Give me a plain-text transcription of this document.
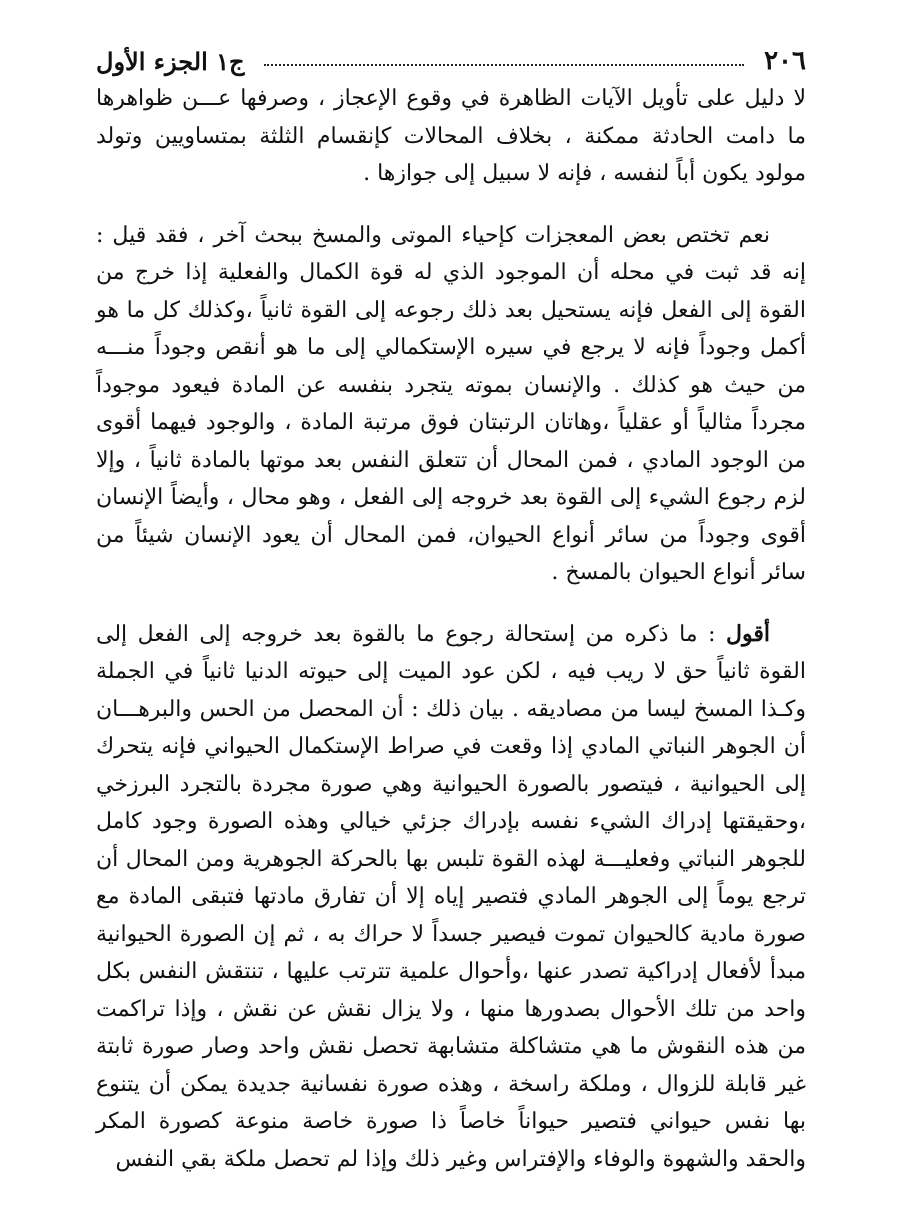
٢٠٦
ج١ الجزء الأول

لا دليل على تأويل الآيات الظاهرة في وقوع الإعجاز ، وصرفها عـــن ظواهرها ما دامت الحادثة ممكنة ، بخلاف المحالات كإنقسام الثلثة بمتساويين وتولد مولود يكون أباً لنفسه ، فإنه لا سبيل إلى جوازها .

نعم تختص بعض المعجزات كإحياء الموتى والمسخ ببحث آخر ، فقد قيل : إنه قد ثبت في محله أن الموجود الذي له قوة الكمال والفعلية إذا خرج من القوة إلى الفعل فإنه يستحيل بعد ذلك رجوعه إلى القوة ثانياً ،وكذلك كل ما هو أكمل وجوداً فإنه لا يرجع في سيره الإستكمالي إلى ما هو أنقص وجوداً منـــه من حيث هو كذلك . والإنسان بموته يتجرد بنفسه عن المادة فيعود موجوداً مجرداً مثالياً أو عقلياً ،وهاتان الرتبتان فوق مرتبة المادة ، والوجود فيهما أقوى من الوجود المادي ، فمن المحال أن تتعلق النفس بعد موتها بالمادة ثانياً ، وإلا لزم رجوع الشيء إلى القوة بعد خروجه إلى الفعل ، وهو محال ، وأيضاً الإنسان أقوى وجوداً من سائر أنواع الحيوان، فمن المحال أن يعود الإنسان شيئاً من سائر أنواع الحيوان بالمسخ .

أقول : ما ذكره من إستحالة رجوع ما بالقوة بعد خروجه إلى الفعل إلى القوة ثانياً حق لا ريب فيه ، لكن عود الميت إلى حيوته الدنيا ثانياً في الجملة وكـذا المسخ ليسا من مصاديقه . بيان ذلك : أن المحصل من الحس والبرهـــان أن الجوهر النباتي المادي إذا وقعت في صراط الإستكمال الحيواني فإنه يتحرك إلى الحيوانية ، فيتصور بالصورة الحيوانية وهي صورة مجردة بالتجرد البرزخي ،وحقيقتها إدراك الشيء نفسه بإدراك جزئي خيالي وهذه الصورة وجود كامل للجوهر النباتي وفعليـــة لهذه القوة تلبس بها بالحركة الجوهرية ومن المحال أن ترجع يوماً إلى الجوهر المادي فتصير إياه إلا أن تفارق مادتها فتبقى المادة مع صورة مادية كالحيوان تموت فيصير جسداً لا حراك به ، ثم إن الصورة الحيوانية مبدأ لأفعال إدراكية تصدر عنها ،وأحوال علمية تترتب عليها ، تنتقش النفس بكل واحد من تلك الأحوال بصدورها منها ، ولا يزال نقش عن نقش ، وإذا تراكمت من هذه النقوش ما هي متشاكلة متشابهة تحصل نقش واحد وصار صورة ثابتة غير قابلة للزوال ، وملكة راسخة ، وهذه صورة نفسانية جديدة يمكن أن يتنوع بها نفس حيواني فتصير حيواناً خاصاً ذا صورة خاصة منوعة كصورة المكر والحقد والشهوة والوفاء والإفتراس وغير ذلك وإذا لم تحصل ملكة بقي النفس
